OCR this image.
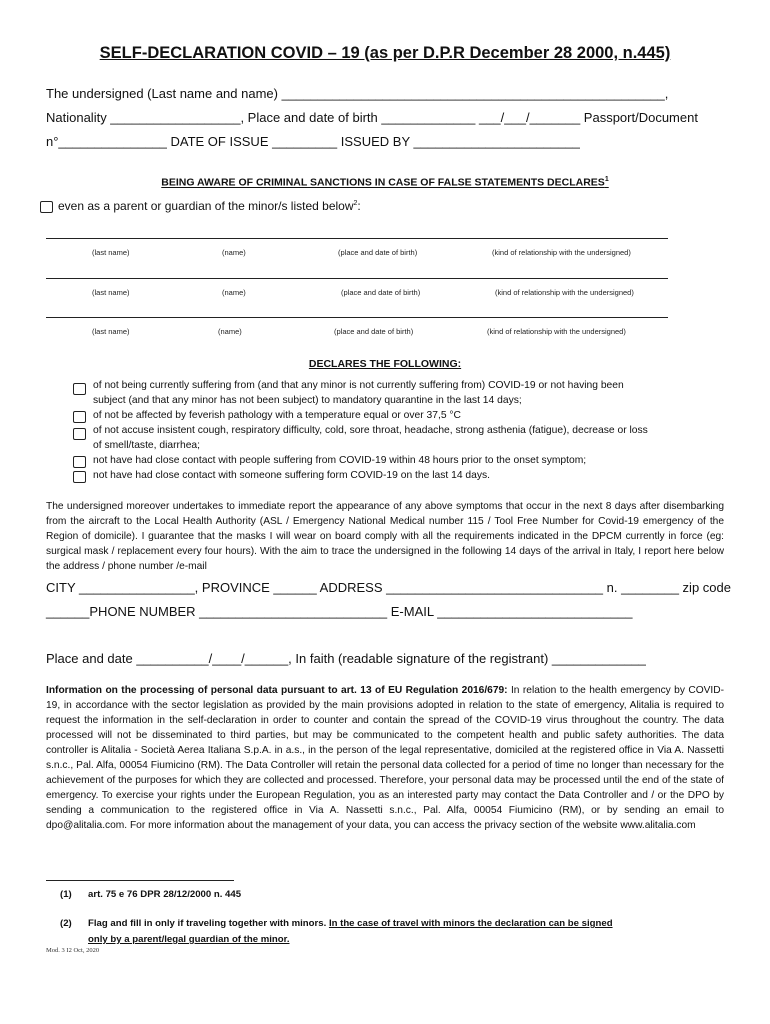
SELF-DECLARATION COVID – 19 (as per D.P.R December 28 2000, n.445)

The undersigned (Last name and name) _____________________________________________________,

Nationality __________________, Place and date of birth _____________ ___/___/_______ Passport/Document

n°_______________ DATE OF ISSUE _________ ISSUED BY _______________________

BEING AWARE OF CRIMINAL SANCTIONS IN CASE OF FALSE STATEMENTS DECLARES$^1$

even as a parent or guardian of the minor/s listed below$^2$:

(last name)	(name)	(place and date of birth)	(kind of relationship with the undersigned)
(last name)	(name)	(place and date of birth)	(kind of relationship with the undersigned)
(last name)	(name)	(place and date of birth)	(kind of relationship with the undersigned)

DECLARES THE FOLLOWING:

of not being currently suffering from (and that any minor is not currently suffering from) COVID-19 or not having been
subject (and that any minor has not been subject) to mandatory quarantine in the last 14 days;
of not be affected by feverish pathology with a temperature equal or over 37,5 °C
of not accuse insistent cough, respiratory difficulty, cold, sore throat, headache, strong asthenia (fatigue), decrease or loss
of smell/taste, diarrhea;
not have had close contact with people suffering from COVID-19 within 48 hours prior to the onset symptom;
not have had close contact with someone suffering form COVID-19 on the last 14 days.

The undersigned moreover undertakes to immediate report the appearance of any above symptoms that occur in the next 8 days after disembarking from the aircraft to the Local Health Authority (ASL / Emergency National Medical number 115 / Tool Free Number for Covid-19 emergency of the Region of domicile). I guarantee that the masks I will wear on board comply with all the requirements indicated in the DPCM currently in force (eg: surgical mask / replacement every four hours). With the aim to trace the undersigned in the following 14 days of the arrival in Italy, I report here below the address / phone number /e-mail

CITY ________________, PROVINCE ______ ADDRESS ______________________________ n. ________ zip code

______PHONE NUMBER __________________________ E-MAIL ___________________________

Place and date __________/____/______, In faith (readable signature of the registrant) _____________

Information on the processing of personal data pursuant to art. 13 of EU Regulation 2016/679: In relation to the health emergency by COVID-19, in accordance with the sector legislation as provided by the main provisions adopted in relation to the state of emergency, Alitalia is required to request the information in the self-declaration in order to counter and contain the spread of the COVID-19 virus throughout the country. The data processed will not be disseminated to third parties, but may be communicated to the competent health and public safety authorities. The data controller is Alitalia - Società Aerea Italiana S.p.A. in a.s., in the person of the legal representative, domiciled at the registered office in Via A. Nassetti s.n.c., Pal. Alfa, 00054 Fiumicino (RM). The Data Controller will retain the personal data collected for a period of time no longer than necessary for the achievement of the purposes for which they are collected and processed. Therefore, your personal data may be processed until the end of the state of emergency. To exercise your rights under the European Regulation, you as an interested party may contact the Data Controller and / or the DPO by sending a communication to the registered office in Via A. Nassetti s.n.c., Pal. Alfa, 00054 Fiumicino (RM), or by sending an email to dpo@alitalia.com. For more information about the management of your data, you can access the privacy section of the website www.alitalia.com

(1) art. 75 e 76 DPR 28/12/2000 n. 445

(2) Flag and fill in only if traveling together with minors. In the case of travel with minors the declaration can be signed

only by a parent/legal guardian of the minor.

Mod. 3 I2 Oct, 2020
